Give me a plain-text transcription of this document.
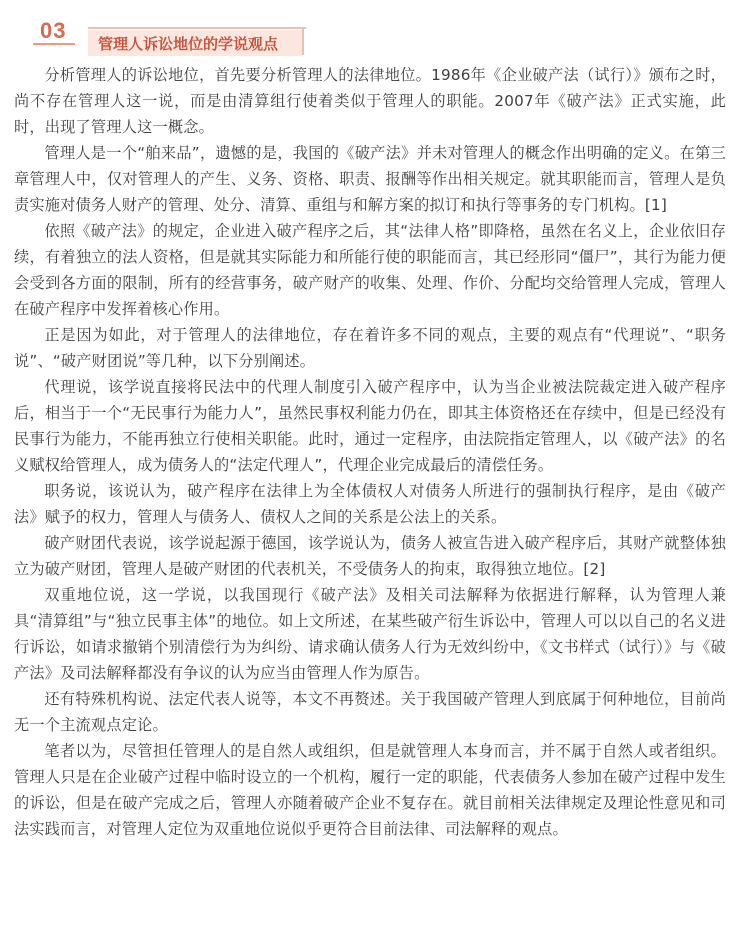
03
管理人诉讼地位的学说观点

分析管理人的诉讼地位，首先要分析管理人的法律地位。1986年《企业破产法（试行）》颁布之时，尚不存在管理人这一说，而是由清算组行使着类似于管理人的职能。2007年《破产法》正式实施，此时，出现了管理人这一概念。

管理人是一个“舶来品”，遗憾的是，我国的《破产法》并未对管理人的概念作出明确的定义。在第三章管理人中，仅对管理人的产生、义务、资格、职责、报酬等作出相关规定。就其职能而言，管理人是负责实施对债务人财产的管理、处分、清算、重组与和解方案的拟订和执行等事务的专门机构。[1]

依照《破产法》的规定，企业进入破产程序之后，其“法律人格”即降格，虽然在名义上，企业依旧存续，有着独立的法人资格，但是就其实际能力和所能行使的职能而言，其已经形同“僵尸”，其行为能力便会受到各方面的限制，所有的经营事务，破产财产的收集、处理、作价、分配均交给管理人完成，管理人在破产程序中发挥着核心作用。

正是因为如此，对于管理人的法律地位，存在着许多不同的观点，主要的观点有“代理说”、“职务说”、“破产财团说”等几种，以下分别阐述。

代理说，该学说直接将民法中的代理人制度引入破产程序中，认为当企业被法院裁定进入破产程序后，相当于一个“无民事行为能力人”，虽然民事权利能力仍在，即其主体资格还在存续中，但是已经没有民事行为能力，不能再独立行使相关职能。此时，通过一定程序，由法院指定管理人，以《破产法》的名义赋权给管理人，成为债务人的“法定代理人”，代理企业完成最后的清偿任务。

职务说，该说认为，破产程序在法律上为全体债权人对债务人所进行的强制执行程序，是由《破产法》赋予的权力，管理人与债务人、债权人之间的关系是公法上的关系。

破产财团代表说，该学说起源于德国，该学说认为，债务人被宣告进入破产程序后，其财产就整体独立为破产财团，管理人是破产财团的代表机关，不受债务人的拘束，取得独立地位。[2]

双重地位说，这一学说，以我国现行《破产法》及相关司法解释为依据进行解释，认为管理人兼具“清算组”与“独立民事主体”的地位。如上文所述，在某些破产衍生诉讼中，管理人可以以自己的名义进行诉讼，如请求撤销个别清偿行为为纠纷、请求确认债务人行为无效纠纷中，《文书样式（试行）》与《破产法》及司法解释都没有争议的认为应当由管理人作为原告。

还有特殊机构说、法定代表人说等，本文不再赘述。关于我国破产管理人到底属于何种地位，目前尚无一个主流观点定论。

笔者以为，尽管担任管理人的是自然人或组织，但是就管理人本身而言，并不属于自然人或者组织。管理人只是在企业破产过程中临时设立的一个机构，履行一定的职能，代表债务人参加在破产过程中发生的诉讼，但是在破产完成之后，管理人亦随着破产企业不复存在。就目前相关法律规定及理论性意见和司法实践而言，对管理人定位为双重地位说似乎更符合目前法律、司法解释的观点。
